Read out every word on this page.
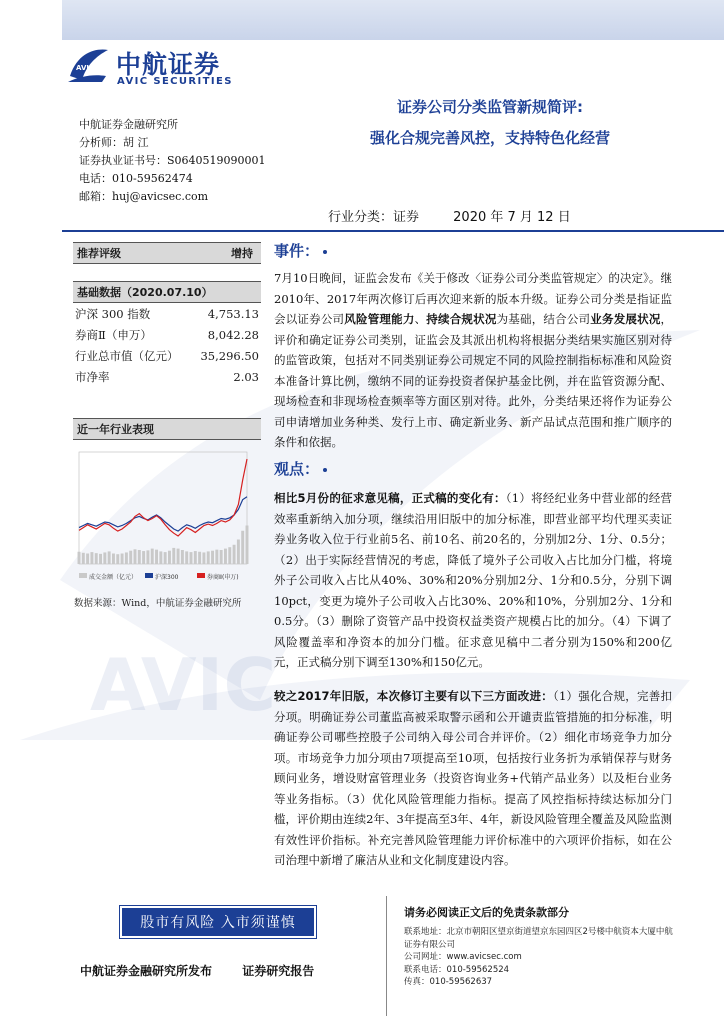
AVIC 中航证券
AVIC SECURITIES
中航证券金融研究所
分析师：胡 江
证券执业证书号：S0640519090001
电话：010-59562474
邮箱：huj@avicsec.com
证券公司分类监管新规简评:
强化合规完善风控，支持特色化经营
行业分类：证券	2020 年 7 月 12 日
AVIC
推荐评级	增持
基础数据（2020.07.10）
沪深 300 指数	4,753.13
券商Ⅱ（申万）	8,042.28
行业总市值（亿元） 35,296.50
市净率	2.03
近一年行业表现
成交金额（亿元）	沪深300	券商Ⅱ(申万)
数据来源：Wind，中航证券金融研究所
事件：
7月10日晚间，证监会发布《关于修改〈证券公司分类监管规定〉的决定》。继2010年、2017年两次修订后再次迎来新的版本升级。证券公司分类是指证监会以证券公司风险管理能力、持续合规状况为基础，结合公司业务发展状况，评价和确定证券公司类别，证监会及其派出机构将根据分类结果实施区别对待的监管政策，包括对不同类别证券公司规定不同的风险控制指标标准和风险资本准备计算比例，缴纳不同的证券投资者保护基金比例，并在监管资源分配、现场检查和非现场检查频率等方面区别对待。此外，分类结果还将作为证券公司申请增加业务种类、发行上市、确定新业务、新产品试点范围和推广顺序的条件和依据。
观点：
相比5月份的征求意见稿，正式稿的变化有：（1）将经纪业务中营业部的经营效率重新纳入加分项，继续沿用旧版中的加分标准，即营业部平均代理买卖证券业务收入位于行业前5名、前10名、前20名的，分别加2分、1分、0.5分；（2）出于实际经营情况的考虑，降低了境外子公司收入占比加分门槛，将境外子公司收入占比从40%、30%和20%分别加2分、1分和0.5分，分别下调10pct，变更为境外子公司收入占比30%、20%和10%，分别加2分、1分和0.5分。（3）删除了资管产品中投资权益类资产规模占比的加分。（4）下调了风险覆盖率和净资本的加分门槛。征求意见稿中二者分别为150%和200亿元，正式稿分别下调至130%和150亿元。
较之2017年旧版，本次修订主要有以下三方面改进：（1）强化合规，完善扣分项。明确证券公司董监高被采取警示函和公开谴责监管措施的扣分标准，明确证券公司哪些控股子公司纳入母公司合并评价。（2）细化市场竞争力加分项。市场竞争力加分项由7项提高至10项，包括按行业务折为承销保荐与财务顾问业务，增设财富管理业务（投资咨询业务+代销产品业务）以及柜台业务等业务指标。（3）优化风险管理能力指标。提高了风控指标持续达标加分门槛，评价期由连续2年、3年提高至3年、4年，新设风险管理全覆盖及风险监测有效性评价指标。补充完善风险管理能力评价标准中的六项评价指标，如在公司治理中新增了廉洁从业和文化制度建设内容。
股市有风险 入市须谨慎
请务必阅读正文后的免责条款部分
联系地址：北京市朝阳区望京街道望京东园四区2号楼中航资本大厦中航证券有限公司
公司网址：www.avicsec.com
联系电话：010-59562524
传真：010-59562637
中航证券金融研究所发布	证券研究报告
